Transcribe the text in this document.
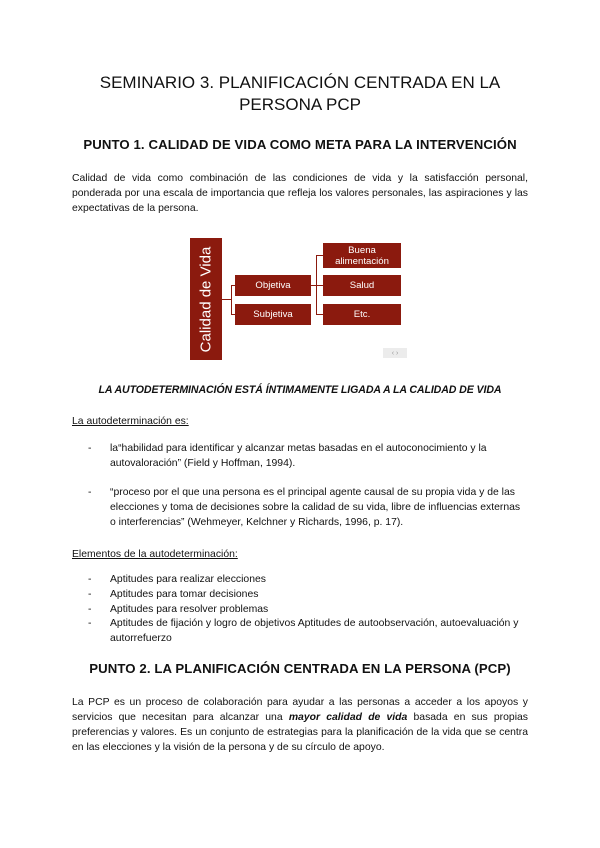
SEMINARIO 3. PLANIFICACIÓN CENTRADA EN LA PERSONA PCP
PUNTO 1. CALIDAD DE VIDA COMO META PARA LA INTERVENCIÓN
Calidad de vida como combinación de las condiciones de vida y la satisfacción personal, ponderada por una escala de importancia que refleja los valores personales, las aspiraciones y las expectativas de la persona.
Calidad de Vida	Objetiva
Subjetiva
Buena alimentación
Salud
Etc.
‹ ›
LA AUTODETERMINACIÓN ESTÁ ÍNTIMAMENTE LIGADA A LA CALIDAD DE VIDA
La autodeterminación es:
- la“habilidad para identificar y alcanzar metas basadas en el autoconocimiento y la autovaloración” (Field y Hoffman, 1994).
- “proceso por el que una persona es el principal agente causal de su propia vida y de las elecciones y toma de decisiones sobre la calidad de su vida, libre de influencias externas o interferencias” (Wehmeyer, Kelchner y Richards, 1996, p. 17).
Elementos de la autodeterminación:
- Aptitudes para realizar elecciones
- Aptitudes para tomar decisiones
- Aptitudes para resolver problemas
- Aptitudes de fijación y logro de objetivos Aptitudes de autoobservación, autoevaluación y autorrefuerzo
PUNTO 2. LA PLANIFICACIÓN CENTRADA EN LA PERSONA (PCP)
La PCP es un proceso de colaboración para ayudar a las personas a acceder a los apoyos y servicios que necesitan para alcanzar una mayor calidad de vida basada en sus propias preferencias y valores. Es un conjunto de estrategias para la planificación de la vida que se centra en las elecciones y la visión de la persona y de su círculo de apoyo.
